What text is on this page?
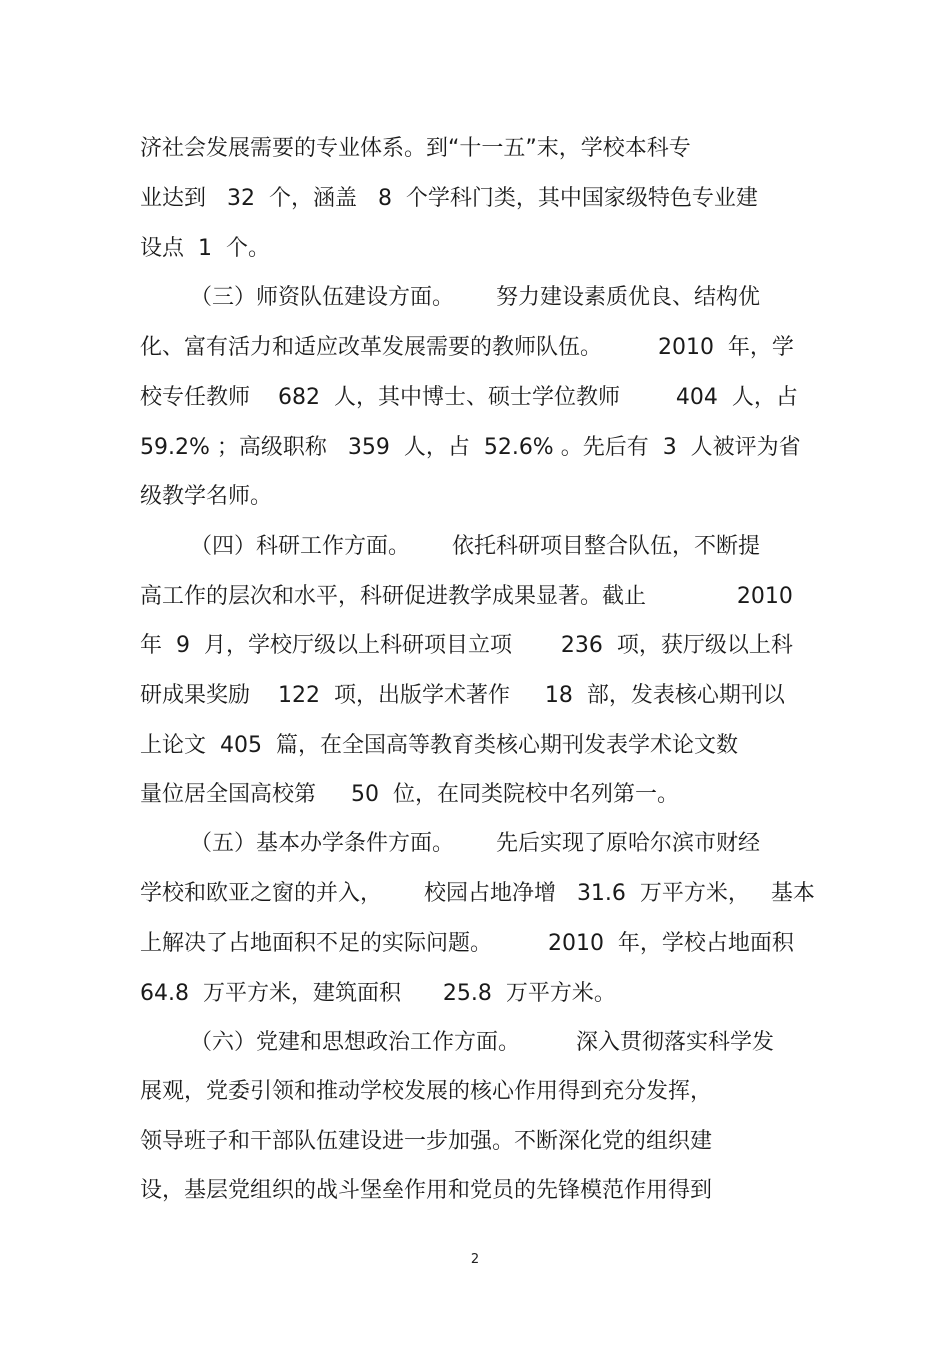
济社会发展需要的专业体系。到“十一五”末，学校本科专
业达到   32  个，涵盖   8  个学科门类，其中国家级特色专业建
设点  1  个。
（三）师资队伍建设方面。      努力建设素质优良、结构优
化、富有活力和适应改革发展需要的教师队伍。        2010  年，学
校专任教师    682  人，其中博士、硕士学位教师        404  人，占
59.2% ；高级职称   359  人，占  52.6% 。先后有  3  人被评为省
级教学名师。
（四）科研工作方面。      依托科研项目整合队伍，不断提
高工作的层次和水平，科研促进教学成果显著。截止             2010
年  9  月，学校厅级以上科研项目立项       236  项，获厅级以上科
研成果奖励    122  项，出版学术著作     18  部，发表核心期刊以
上论文  405  篇，在全国高等教育类核心期刊发表学术论文数
量位居全国高校第     50  位，在同类院校中名列第一。
（五）基本办学条件方面。      先后实现了原哈尔滨市财经
学校和欧亚之窗的并入，      校园占地净增   31.6  万平方米，   基本
上解决了占地面积不足的实际问题。        2010  年，学校占地面积
64.8  万平方米，建筑面积      25.8  万平方米。
（六）党建和思想政治工作方面。        深入贯彻落实科学发
展观，党委引领和推动学校发展的核心作用得到充分发挥，
领导班子和干部队伍建设进一步加强。不断深化党的组织建
设，基层党组织的战斗堡垒作用和党员的先锋模范作用得到
2
